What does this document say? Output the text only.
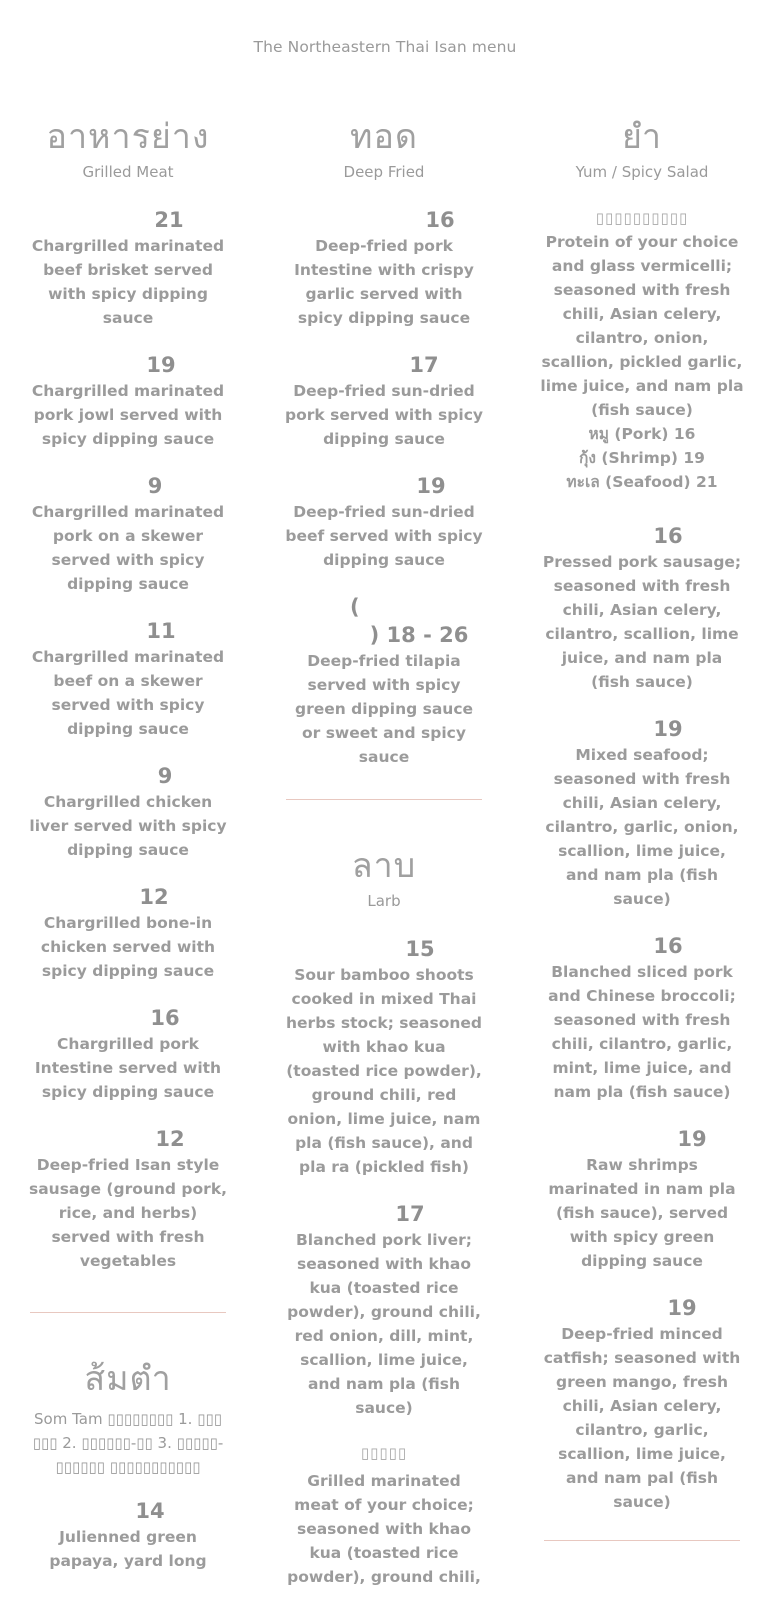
The Northeastern Thai Isan menu
อาหารย่าง
Grilled Meat
21
Chargrilled marinated beef brisket served with spicy dipping sauce
19
Chargrilled marinated pork jowl served with spicy dipping sauce
9
Chargrilled marinated pork on a skewer served with spicy dipping sauce
11
Chargrilled marinated beef on a skewer served with spicy dipping sauce
9
Chargrilled chicken liver served with spicy dipping sauce
12
Chargrilled bone-in chicken served with spicy dipping sauce
16
Chargrilled pork Intestine served with spicy dipping sauce
12
Deep-fried Isan style sausage (ground pork, rice, and herbs) served with fresh vegetables
ส้มตำ
Som Tam ▯▯▯▯▯▯▯▯ 1. ▯▯▯ ▯▯▯ 2. ▯▯▯▯▯▯-▯▯ 3. ▯▯▯▯▯-▯▯▯▯▯▯ ▯▯▯▯▯▯▯▯▯▯▯
14
Julienned green papaya, yard long
ทอด
Deep Fried
16
Deep-fried pork Intestine with crispy garlic served with spicy dipping sauce
17
Deep-fried sun-dried pork served with spicy dipping sauce
19
Deep-fried sun-dried beef served with spicy dipping sauce
(
) 18 - 26
Deep-fried tilapia served with spicy green dipping sauce or sweet and spicy sauce
ลาบ
Larb
15
Sour bamboo shoots cooked in mixed Thai herbs stock; seasoned with khao kua (toasted rice powder), ground chili, red onion, lime juice, nam pla (fish sauce), and pla ra (pickled fish)
17
Blanched pork liver; seasoned with khao kua (toasted rice powder), ground chili, red onion, dill, mint, scallion, lime juice, and nam pla (fish sauce)
▯▯▯▯▯
Grilled marinated meat of your choice; seasoned with khao kua (toasted rice powder), ground chili,
ยำ
Yum / Spicy Salad
▯▯▯▯▯▯▯▯▯▯
Protein of your choice and glass vermicelli; seasoned with fresh chili, Asian celery, cilantro, onion, scallion, pickled garlic, lime juice, and nam pla (fish sauce)
หมู (Pork) 16
กุ้ง (Shrimp) 19
ทะเล (Seafood) 21
16
Pressed pork sausage; seasoned with fresh chili, Asian celery, cilantro, scallion, lime juice, and nam pla (fish sauce)
19
Mixed seafood; seasoned with fresh chili, Asian celery, cilantro, garlic, onion, scallion, lime juice, and nam pla (fish sauce)
16
Blanched sliced pork and Chinese broccoli; seasoned with fresh chili, cilantro, garlic, mint, lime juice, and nam pla (fish sauce)
19
Raw shrimps marinated in nam pla (fish sauce), served with spicy green dipping sauce
19
Deep-fried minced catfish; seasoned with green mango, fresh chili, Asian celery, cilantro, garlic, scallion, lime juice, and nam pal (fish sauce)
